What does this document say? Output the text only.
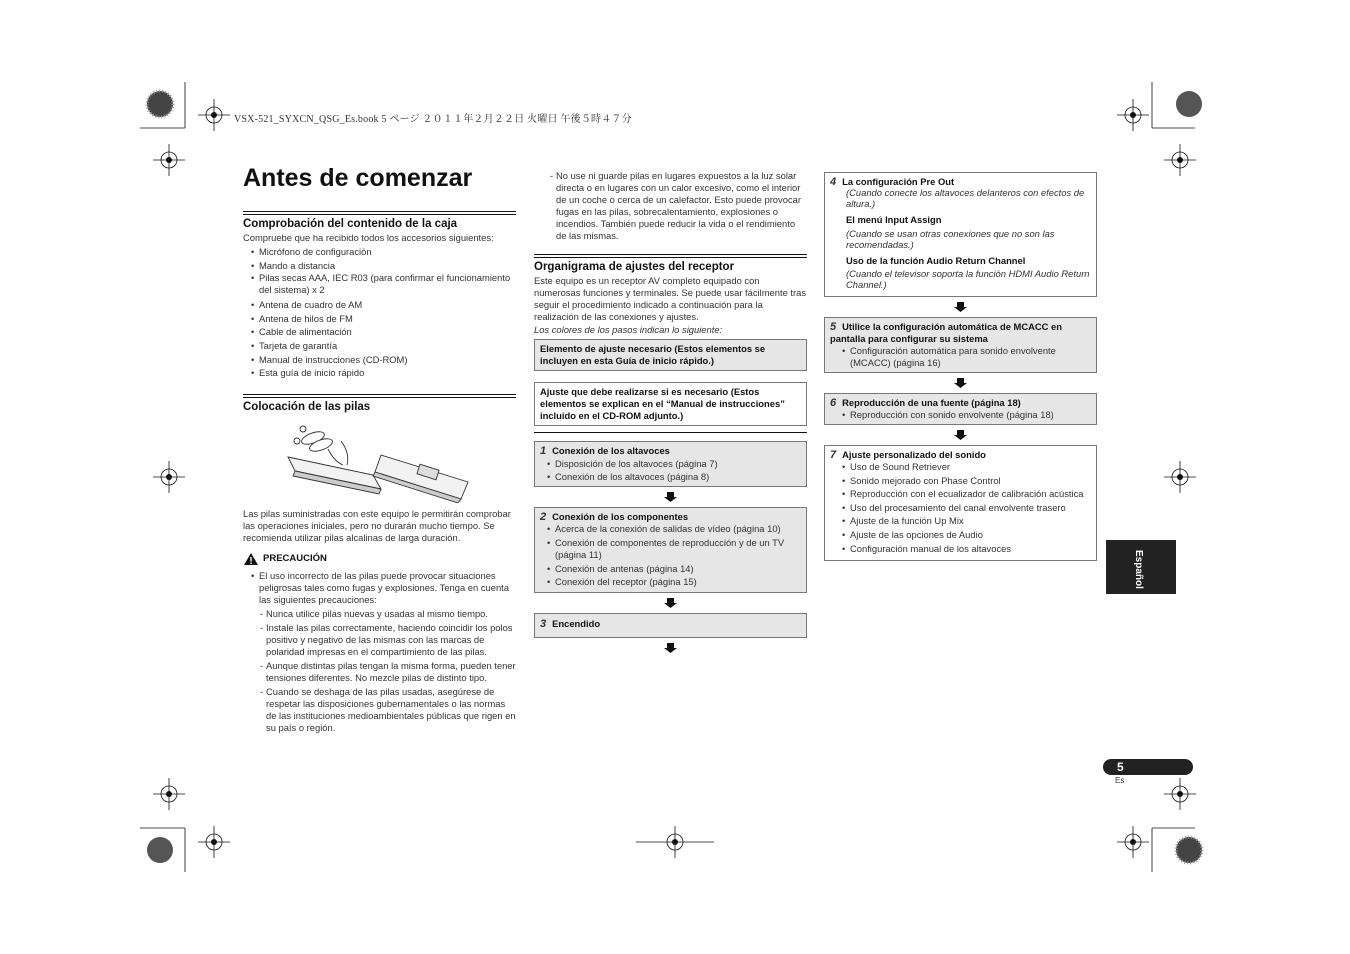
VSX-521_SYXCN_QSG_Es.book 5 ページ ２０１１年２月２２日 火曜日 午後５時４７分
Antes de comenzar
Comprobación del contenido de la caja
Compruebe que ha recibido todos los accesorios siguientes:
• Micrófono de configuración
• Mando a distancia
• Pilas secas AAA, IEC R03 (para confirmar el funcionamiento del sistema) x 2
• Antena de cuadro de AM
• Antena de hilos de FM
• Cable de alimentación
• Tarjeta de garantía
• Manual de instrucciones (CD-ROM)
• Esta guía de inicio rápido
Colocación de las pilas
Las pilas suministradas con este equipo le permitirán comprobar las operaciones iniciales, pero no durarán mucho tiempo. Se recomienda utilizar pilas alcalinas de larga duración.
PRECAUCIÓN
• El uso incorrecto de las pilas puede provocar situaciones peligrosas tales como fugas y explosiones. Tenga en cuenta las siguientes precauciones:
- Nunca utilice pilas nuevas y usadas al mismo tiempo.
- Instale las pilas correctamente, haciendo coincidir los polos positivo y negativo de las mismas con las marcas de polaridad impresas en el compartimiento de las pilas.
- Aunque distintas pilas tengan la misma forma, pueden tener tensiones diferentes. No mezcle pilas de distinto tipo.
- Cuando se deshaga de las pilas usadas, asegúrese de respetar las disposiciones gubernamentales o las normas de las instituciones medioambientales públicas que rigen en su país o región.
- No use ni guarde pilas en lugares expuestos a la luz solar directa o en lugares con un calor excesivo, como el interior de un coche o cerca de un calefactor. Esto puede provocar fugas en las pilas, sobrecalentamiento, explosiones o incendios. También puede reducir la vida o el rendimiento de las mismas.
Organigrama de ajustes del receptor
Este equipo es un receptor AV completo equipado con numerosas funciones y terminales. Se puede usar fácilmente tras seguir el procedimiento indicado a continuación para la realización de las conexiones y ajustes.
Los colores de los pasos indican lo siguiente:
Elemento de ajuste necesario (Estos elementos se incluyen en esta Guía de inicio rápido.)
Ajuste que debe realizarse si es necesario (Estos elementos se explican en el “Manual de instrucciones” incluido en el CD-ROM adjunto.)
1 Conexión de los altavoces
• Disposición de los altavoces (página 7)
• Conexión de los altavoces (página 8)
2 Conexión de los componentes
• Acerca de la conexión de salidas de vídeo (página 10)
• Conexión de componentes de reproducción y de un TV (página 11)
• Conexión de antenas (página 14)
• Conexión del receptor (página 15)
3 Encendido
4 La configuración Pre Out
(Cuando conecte los altavoces delanteros con efectos de altura.)
El menú Input Assign
(Cuando se usan otras conexiones que no son las recomendadas.)
Uso de la función Audio Return Channel
(Cuando el televisor soporta la función HDMI Audio Return Channel.)
5 Utilice la configuración automática de MCACC en pantalla para configurar su sistema
• Configuración automática para sonido envolvente (MCACC) (página 16)
6 Reproducción de una fuente (página 18)
• Reproducción con sonido envolvente (página 18)
7 Ajuste personalizado del sonido
• Uso de Sound Retriever
• Sonido mejorado con Phase Control
• Reproducción con el ecualizador de calibración acústica
• Uso del procesamiento del canal envolvente trasero
• Ajuste de la función Up Mix
• Ajuste de las opciones de Audio
• Configuración manual de los altavoces
Español
5
Es
